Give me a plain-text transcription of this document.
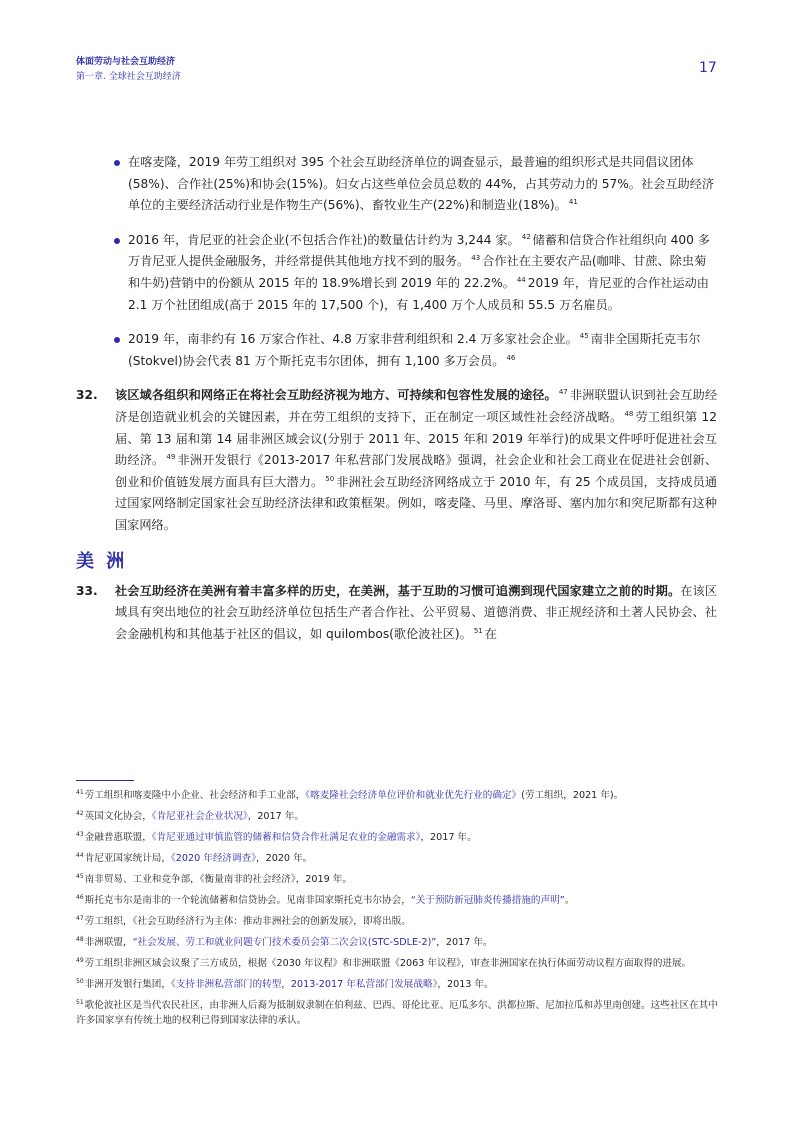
体面劳动与社会互助经济
第一章. 全球社会互助经济
17
在喀麦隆，2019 年劳工组织对 395 个社会互助经济单位的调查显示，最普遍的组织形式是共同倡议团体(58%)、合作社(25%)和协会(15%)。妇女占这些单位会员总数的 44%，占其劳动力的 57%。社会互助经济单位的主要经济活动行业是作物生产(56%)、畜牧业生产(22%)和制造业(18%)。 $^{41}$
2016 年，肯尼亚的社会企业(不包括合作社)的数量估计约为 3,244 家。 $^{42}$ 储蓄和信贷合作社组织向 400 多万肯尼亚人提供金融服务，并经常提供其他地方找不到的服务。 $^{43}$ 合作社在主要农产品(咖啡、甘蔗、除虫菊和牛奶)营销中的份额从 2015 年的 18.9%增长到 2019 年的 22.2%。 $^{44}$ 2019 年，肯尼亚的合作社运动由 2.1 万个社团组成(高于 2015 年的 17,500 个)，有 1,400 万个人成员和 55.5 万名雇员。
2019 年，南非约有 16 万家合作社、4.8 万家非营利组织和 2.4 万多家社会企业。 $^{45}$ 南非全国斯托克韦尔(Stokvel)协会代表 81 万个斯托克韦尔团体，拥有 1,100 多万会员。 $^{46}$
32. 该区域各组织和网络正在将社会互助经济视为地方、可持续和包容性发展的途径。 $^{47}$ 非洲联盟认识到社会互助经济是创造就业机会的关键因素，并在劳工组织的支持下，正在制定一项区域性社会经济战略。 $^{48}$ 劳工组织第 12 届、第 13 届和第 14 届非洲区域会议(分别于 2011 年、2015 年和 2019 年举行)的成果文件呼吁促进社会互助经济。 $^{49}$ 非洲开发银行《2013-2017 年私营部门发展战略》强调，社会企业和社会工商业在促进社会创新、创业和价值链发展方面具有巨大潜力。 $^{50}$ 非洲社会互助经济网络成立于 2010 年，有 25 个成员国，支持成员通过国家网络制定国家社会互助经济法律和政策框架。例如，喀麦隆、马里、摩洛哥、塞内加尔和突尼斯都有这种国家网络。
美 洲
33. 社会互助经济在美洲有着丰富多样的历史，在美洲，基于互助的习惯可追溯到现代国家建立之前的时期。在该区域具有突出地位的社会互助经济单位包括生产者合作社、公平贸易、道德消费、非正规经济和土著人民协会、社会金融机构和其他基于社区的倡议，如 quilombos(歌伦波社区)。 $^{51}$ 在
$^{41}$劳工组织和喀麦隆中小企业、社会经济和手工业部，《喀麦隆社会经济单位评价和就业优先行业的确定》(劳工组织，2021 年)。
$^{42}$英国文化协会，《肯尼亚社会企业状况》，2017 年。
$^{43}$金融普惠联盟，《肯尼亚通过审慎监管的储蓄和信贷合作社满足农业的金融需求》，2017 年。
$^{44}$肯尼亚国家统计局，《2020 年经济调查》，2020 年。
$^{45}$南非贸易、工业和竞争部，《衡量南非的社会经济》，2019 年。
$^{46}$斯托克韦尔是南非的一个轮流储蓄和信贷协会。见南非国家斯托克韦尔协会，“关于预防新冠肺炎传播措施的声明”。
$^{47}$劳工组织，《社会互助经济行为主体：推动非洲社会的创新发展》，即将出版。
$^{48}$非洲联盟，“社会发展、劳工和就业问题专门技术委员会第二次会议(STC-SDLE-2)”，2017 年。
$^{49}$劳工组织非洲区域会议聚了三方成员，根据《2030 年议程》和非洲联盟《2063 年议程》，审查非洲国家在执行体面劳动议程方面取得的进展。
$^{50}$非洲开发银行集团，《支持非洲私营部门的转型，2013-2017 年私营部门发展战略》，2013 年。
$^{51}$歌伦波社区是当代农民社区，由非洲人后裔为抵制奴隶制在伯利兹、巴西、哥伦比亚、厄瓜多尔、洪都拉斯、尼加拉瓜和苏里南创建。这些社区在其中许多国家享有传统土地的权利已得到国家法律的承认。
